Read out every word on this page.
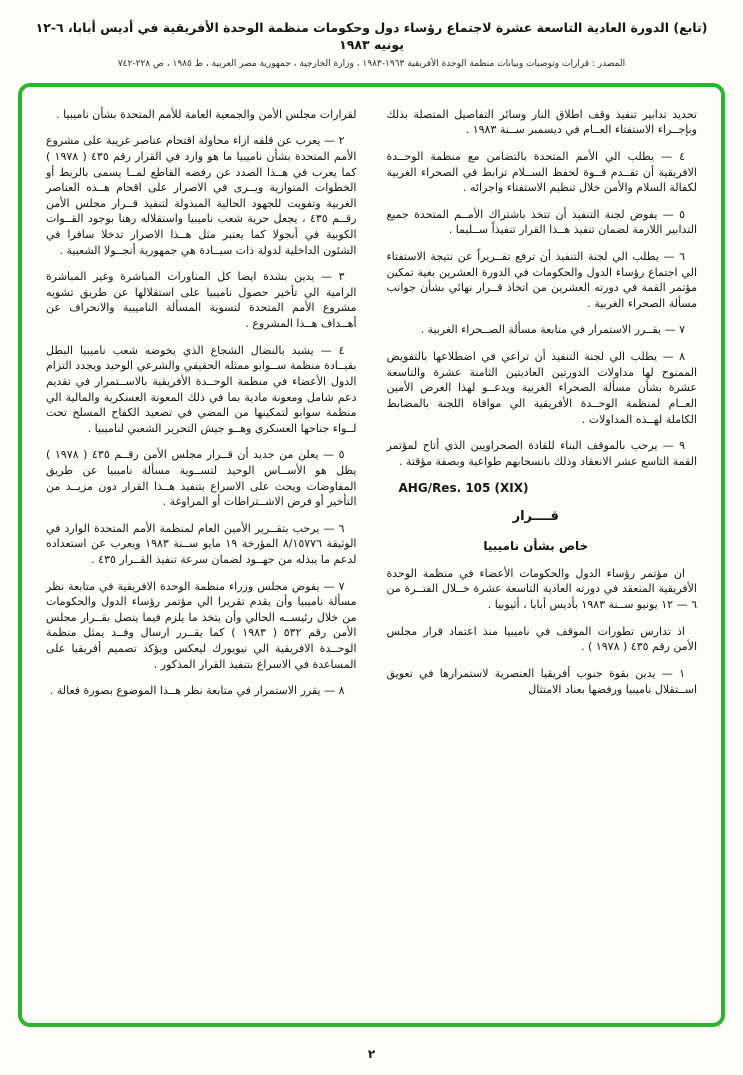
(تابع) الدورة العادية التاسعة عشرة لاجتماع رؤساء دول وحكومات منظمة الوحدة الأفريقية في أديس أبابا، ٦-١٢ يونيه ١٩٨٣
المصدر : قرارات وتوصيات وبيانات منظمة الوحدة الأفريقية ١٩٦٣-١٩٨٣ ، وزارة الخارجية ، جمهورية مصر العربية ، ط ١٩٨٥ ، ص ٢٢٨-٧٤٢

تحديد تدابير تنفيذ وقف اطلاق النار وسائر التفاصيل المتصلة بذلك وبإجــراء الاستفتاء العــام في ديسمبر ســنة ١٩٨٣ .

٤ — يطلب الي الأمم المتحدة بالتضامن مع منظمة الوحــدة الافريقية أن تقــدم قــوة لحفظ الســلام ترابط في الصحراء الغربية لكفالة السلام والأمن خلال تنظيم الاستفتاء واجرائه .

٥ — يفوض لجنة التنفيذ أن تتخذ باشتراك الأمــم المتحدة جميع التدابير اللازمة لضمان تنفيذ هــذا القرار تنفيذاً ســليما .

٦ — يطلب الي لجنة التنفيذ أن ترفع تقــريراً عن نتيجة الاستفتاء الي اجتماع رؤساء الدول والحكومات في الدورة العشرين بغية تمكين مؤتمر القمة في دورته العشرين من اتخاذ قــرار نهائي بشأن جوانب مسألة الصحراء الغربية .

٧ — يقــرر الاستمرار في متابعة مسألة الصــحراء الغربية .

٨ — يطلب الي لجنة التنفيذ أن تراعي في اضطلاعها بالتفويض الممنوح لها مداولات الدورتين العاديتين الثامنة عشرة والتاسعة عشرة بشأن مسألة الصحراء الغربية ويدعــو لهذا الغرض الأمين العــام لمنظمة الوحــدة الأفريقية الي موافاة اللجنة بالمضابط الكاملة لهــذه المداولات .

٩ — يرحب بالموقف البناء للقادة الصحراويين الذي أتاح لمؤتمر القمة التاسع عشر الانعقاد وذلك بانسحابهم طواعية وبصفة مؤقتة .

AHG/Res. 105 (XIX)

قــــرار

خاص بشأن ناميبيا

ان مؤتمر رؤساء الدول والحكومات الأعضاء في منظمة الوحدة الأفريقية المنعقد في دورته العادية التاسعة عشرة خــلال الفتــرة من ٦ — ١٢ يونيو ســنة ١٩٨٣ بأديس أبابا ، أثيوبيا .

اذ تدارس تطورات الموقف في ناميبيا منذ اعتماد قرار مجلس الأمن رقم ٤٣٥ ( ١٩٧٨ ) .

١ — يدين بقوة جنوب أفريقيا العنصرية لاستمرارها في تعويق اســتقلال ناميبيا ورفضها بعناد الامتثال

لقرارات مجلس الأمن والجمعية العامة للأمم المتحدة بشأن ناميبيا .

٢ — يعرب عن قلقه ازاء محاولة اقتحام عناصر غريبة على مشروع الأمم المتحدة بشأن ناميبيا ما هو وارد في القرار رقم ٤٣٥ ( ١٩٧٨ ) كما يعرب في هــذا الصدد عن رفضه القاطع لمــا يسمى بالربط أو الخطوات المتوازية ويــرى في الاصرار على اقحام هــذه العناصر الغربية وتفويت للجهود الحالية المبذولة لتنفيذ قــرار مجلس الأمن رقــم ٤٣٥ ، يجعل حرية شعب ناميبيا واستقلاله رهنا بوجود القــوات الكوبية في أنجولا كما يعتبر مثل هــذا الاصرار تدخلا سافرا في الشئون الداخلية لدولة ذات سيــادة هي جمهورية أنجــولا الشعبية .

٣ — يدين بشدة ايضا كل المناورات المباشرة وغير المباشرة الرامية الي تأخير حصول ناميبيا على استقلالها عن طريق تشويه مشروع الأمم المتحدة لتسوية المسألة الناميبية والانحراف عن أهــداف هــذا المشروع .

٤ — يشيد بالنضال الشجاع الذي يخوضه شعب ناميبيا البطل بقيــادة منظمة ســوابو ممثله الحقيقي والشرعي الوحيد ويجدد التزام الدول الأعضاء في منظمة الوحــدة الأفريقية بالاســتمرار في تقديم دعم شامل ومعونة مادية بما في ذلك المعونة العسكرية والمالية الي منظمة سوابو لتمكينها من المضي في تصعيد الكفاح المسلح تحت لــواء جناحها العسكري وهــو جيش التحرير الشعبي لناميبيا .

٥ — يعلن من جديد أن قــرار مجلس الأمن رقــم ٤٣٥ ( ١٩٧٨ ) يظل هو الأســاس الوحيد لتســوية مسألة ناميبيا عن طريق المفاوضات ويحث على الاسراع بتنفيذ هــذا القرار دون مزيــد من التأخير أو فرض الاشــتراطات أو المراوغة .

٦ — يرحب بتقــرير الأمين العام لمنظمة الأمم المتحدة الوارد في الوثيقة ٨/١٥٧٧٦ المؤرخة ١٩ مايو ســنة ١٩٨٣ ويعرب عن استعداده لدعم ما يبذله من جهــود لضمان سرعة تنفيذ القــرار ٤٣٥ .

٧ — يفوض مجلس وزراء منظمة الوحدة الافريقية في متابعة نظر مسألة ناميبيا وأن يقدم تقريرا الي مؤتمر رؤساء الدول والحكومات من خلال رئيســه الحالي وأن يتخذ ما يلزم فيما يتصل بقــرار مجلس الأمن رقم ٥٣٢ ( ١٩٨٣ ) كما يقــرر ارسال وفــد يمثل منظمة الوحــدة الافريقية الي نيويورك ليعكس ويؤكد تصميم أفريقيا على المساعدة في الاسراع بتنفيذ القرار المذكور .

٨ — يقرر الاستمرار في متابعة نظر هــذا الموضوع بصورة فعالة .

٢
